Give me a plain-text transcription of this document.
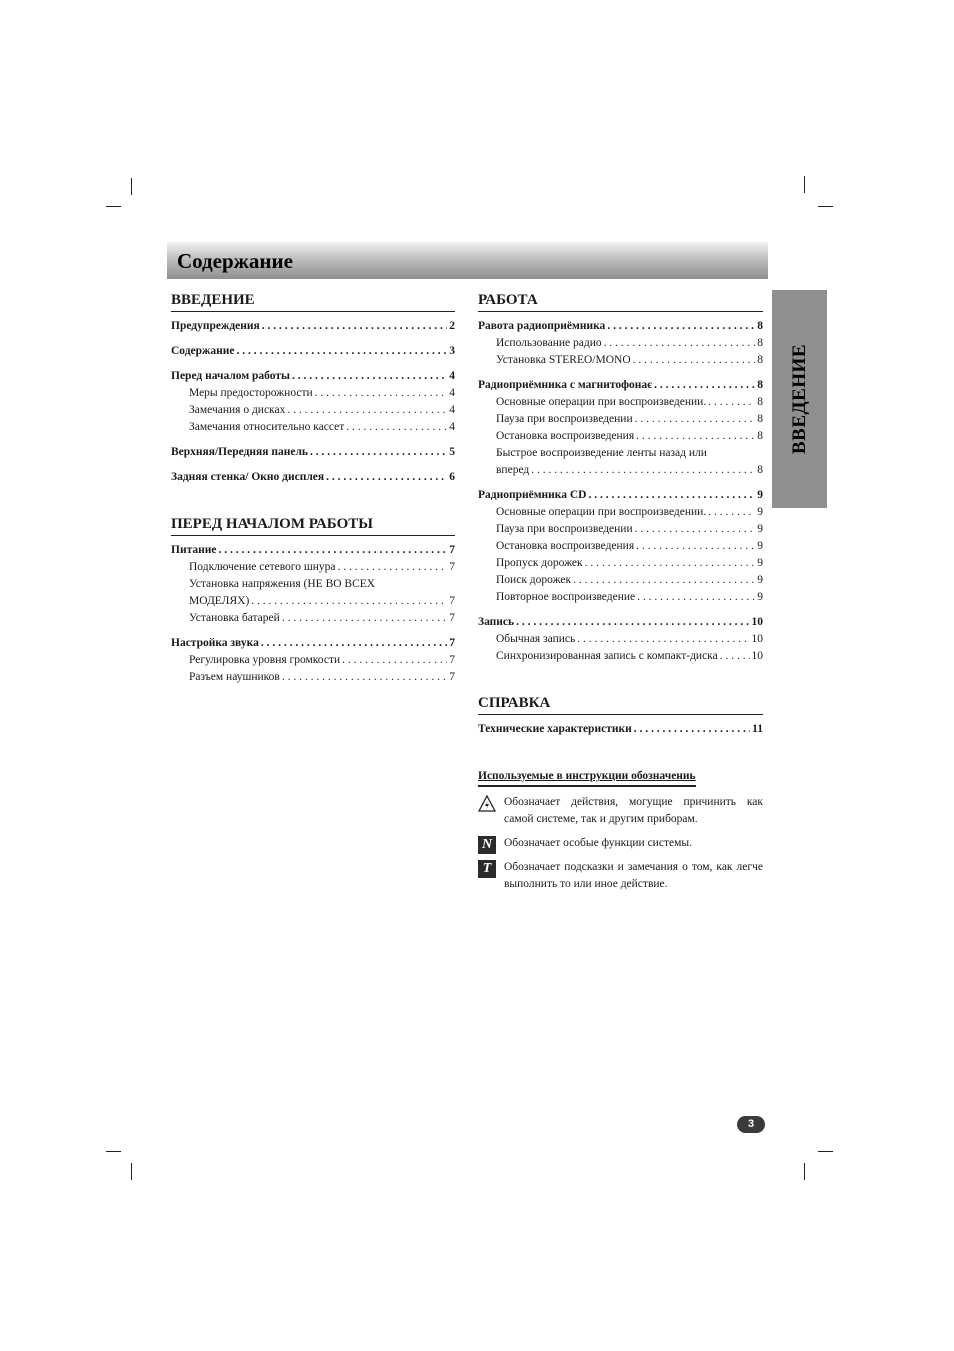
Содержание
ВВЕДЕНИЕ
ВВЕДЕНИЕ
Предупреждения . . .	2
Содержание . . .	3
Перед началом работы . . .	4
Меры предосторожности . . .	4
Замечания о дисках . . .	4
Замечания относительно кассет . . .	4
Верхняя/Передняя панель . . .	5
Задняя стенка/ Окно дисплея . . .	6
ПЕРЕД НАЧАЛОМ РАБОТЫ
Питание . . .	7
Подключение сетевого шнура . . .	7
Установка напряжения (НЕ ВО ВСЕХ
МОДЕЛЯХ) . . .	7
Установка батарей . . .	7
Настройка звука . . .	7
Регулировка уровня громкости . . .	7
Разъем наушников . . .	7
РАБОТА
Равота радиоприёмника . . .	8
Использование радио . . .	8
Установка STEREO/MONO . . .	8
Радиоприёмника с магнитофонає . . .	8
Основные операции при воспроизведении. . . .	8
Пауза при воспроизведении . . .	8
Остановка воспроизведения . . .	8
Быстрое воспроизведение ленты назад или
вперед . . .	8
Радиоприёмника CD . . .	9
Основные операции при воспроизведении. . . .	9
Пауза при воспроизведении . . .	9
Остановка воспроизведения . . .	9
Пропуск дорожек . . .	9
Поиск дорожек . . .	9
Повторное воспроизведение . . .	9
Запись . . .	10
Обычная запись . . .	10
Синхронизированная запись с компакт-диска . . .	10
СПРАВКА
Технические характеристики . . .	11
Используемые в инструкции обозначениь
Обозначает действия, могущие причинить как самой системе, так и другим приборам.
N	Обозначает особые функции системы.
T	Обозначает подсказки и замечания о том, как легче выполнить то или иное действие.
3
